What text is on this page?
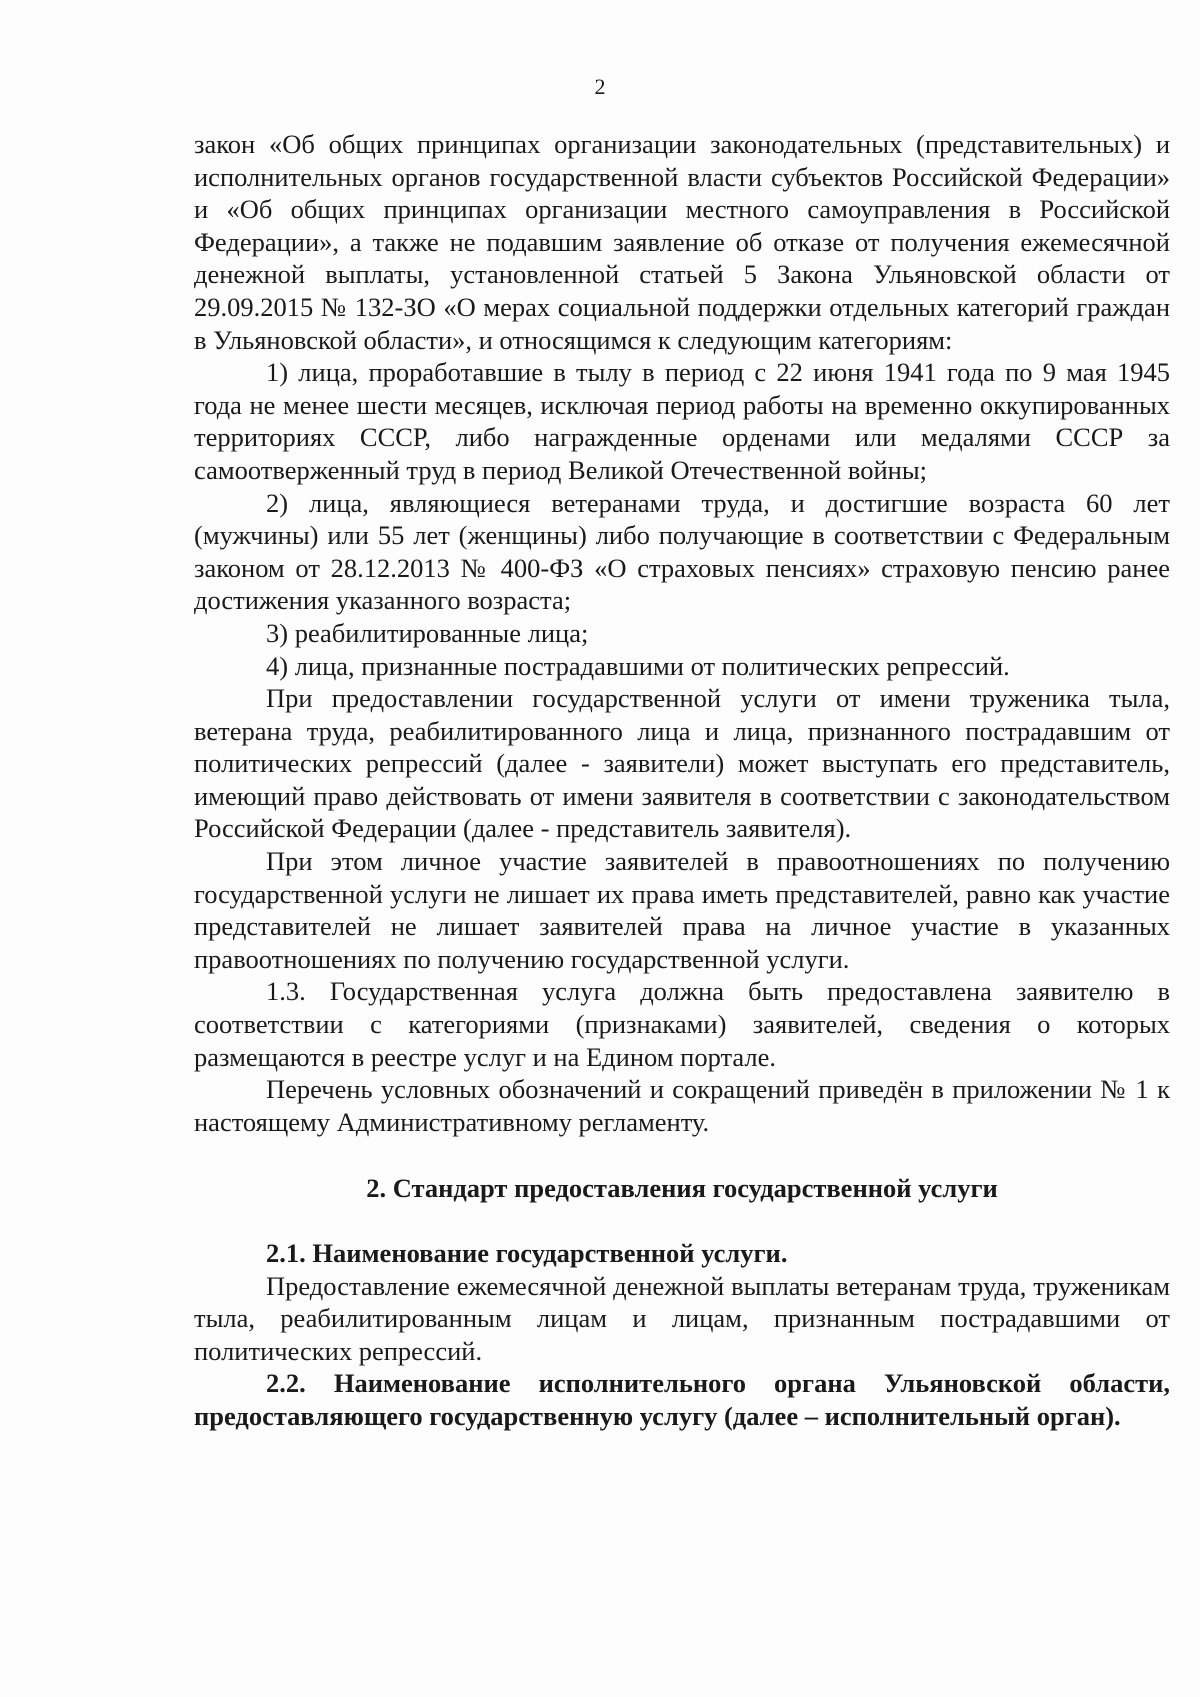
2

закон «Об общих принципах организации законодательных (представительных) и исполнительных органов государственной власти субъектов Российской Федерации» и «Об общих принципах организации местного самоуправления в Российской Федерации», а также не подавшим заявление об отказе от получения ежемесячной денежной выплаты, установленной статьей 5 Закона Ульяновской области от 29.09.2015 № 132-ЗО «О мерах социальной поддержки отдельных категорий граждан в Ульяновской области», и относящимся к следующим категориям:

1) лица, проработавшие в тылу в период с 22 июня 1941 года по 9 мая 1945 года не менее шести месяцев, исключая период работы на временно оккупированных территориях СССР, либо награжденные орденами или медалями СССР за самоотверженный труд в период Великой Отечественной войны;

2) лица, являющиеся ветеранами труда, и достигшие возраста 60 лет (мужчины) или 55 лет (женщины) либо получающие в соответствии с Федеральным законом от 28.12.2013 № 400-ФЗ «О страховых пенсиях» страховую пенсию ранее достижения указанного возраста;

3) реабилитированные лица;

4) лица, признанные пострадавшими от политических репрессий.

При предоставлении государственной услуги от имени труженика тыла, ветерана труда, реабилитированного лица и лица, признанного пострадавшим от политических репрессий (далее - заявители) может выступать его представитель, имеющий право действовать от имени заявителя в соответствии с законодательством Российской Федерации (далее - представитель заявителя).

При этом личное участие заявителей в правоотношениях по получению государственной услуги не лишает их права иметь представителей, равно как участие представителей не лишает заявителей права на личное участие в указанных правоотношениях по получению государственной услуги.

1.3. Государственная услуга должна быть предоставлена заявителю в соответствии с категориями (признаками) заявителей, сведения о которых размещаются в реестре услуг и на Едином портале.

Перечень условных обозначений и сокращений приведён в приложении № 1 к настоящему Административному регламенту.

2. Стандарт предоставления государственной услуги

2.1. Наименование государственной услуги.

Предоставление ежемесячной денежной выплаты ветеранам труда, труженикам тыла, реабилитированным лицам и лицам, признанным пострадавшими от политических репрессий.

2.2. Наименование исполнительного органа Ульяновской области, предоставляющего государственную услугу (далее – исполнительный орган).
